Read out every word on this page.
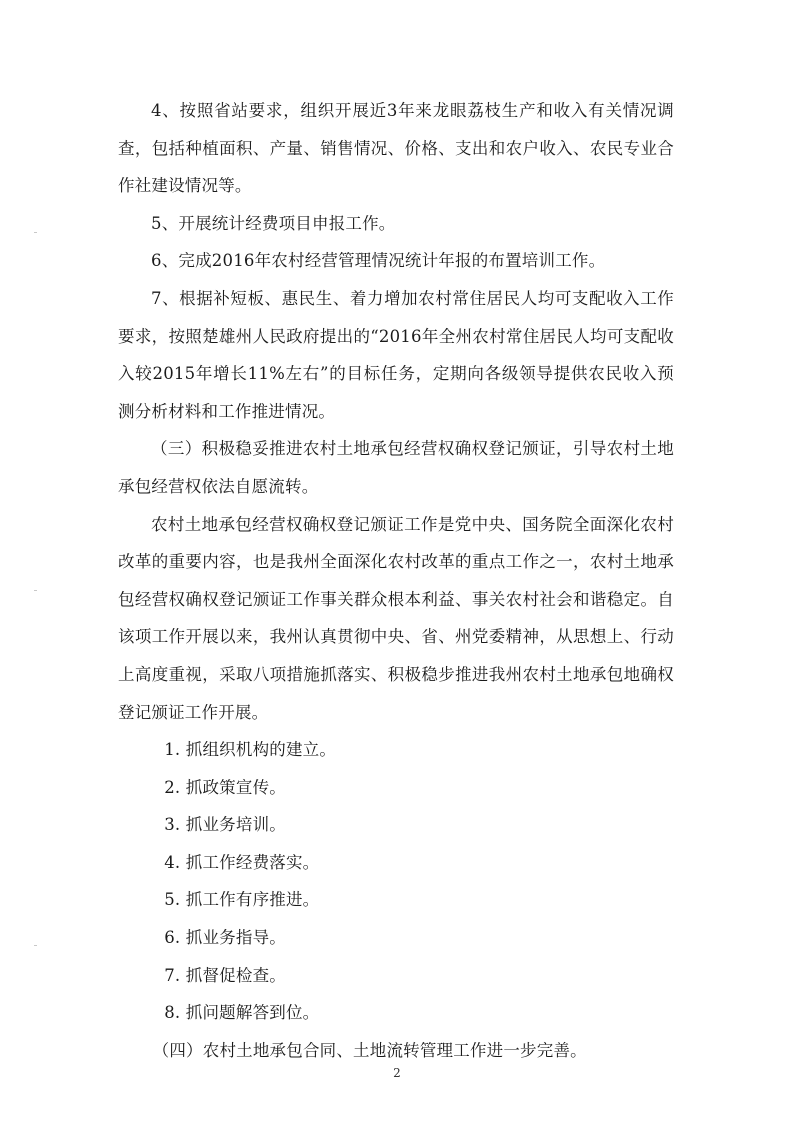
4、按照省站要求，组织开展近3年来龙眼荔枝生产和收入有关情况调查，包括种植面积、产量、销售情况、价格、支出和农户收入、农民专业合作社建设情况等。

5、开展统计经费项目申报工作。

6、完成2016年农村经营管理情况统计年报的布置培训工作。

7、根据补短板、惠民生、着力增加农村常住居民人均可支配收入工作要求，按照楚雄州人民政府提出的“2016年全州农村常住居民人均可支配收入较2015年增长11%左右”的目标任务，定期向各级领导提供农民收入预测分析材料和工作推进情况。

（三）积极稳妥推进农村土地承包经营权确权登记颁证，引导农村土地承包经营权依法自愿流转。

农村土地承包经营权确权登记颁证工作是党中央、国务院全面深化农村改革的重要内容，也是我州全面深化农村改革的重点工作之一，农村土地承包经营权确权登记颁证工作事关群众根本利益、事关农村社会和谐稳定。自该项工作开展以来，我州认真贯彻中央、省、州党委精神，从思想上、行动上高度重视，采取八项措施抓落实、积极稳步推进我州农村土地承包地确权登记颁证工作开展。

1. 抓组织机构的建立。

2. 抓政策宣传。

3. 抓业务培训。

4. 抓工作经费落实。

5. 抓工作有序推进。

6. 抓业务指导。

7. 抓督促检查。

8. 抓问题解答到位。

（四）农村土地承包合同、土地流转管理工作进一步完善。

2
